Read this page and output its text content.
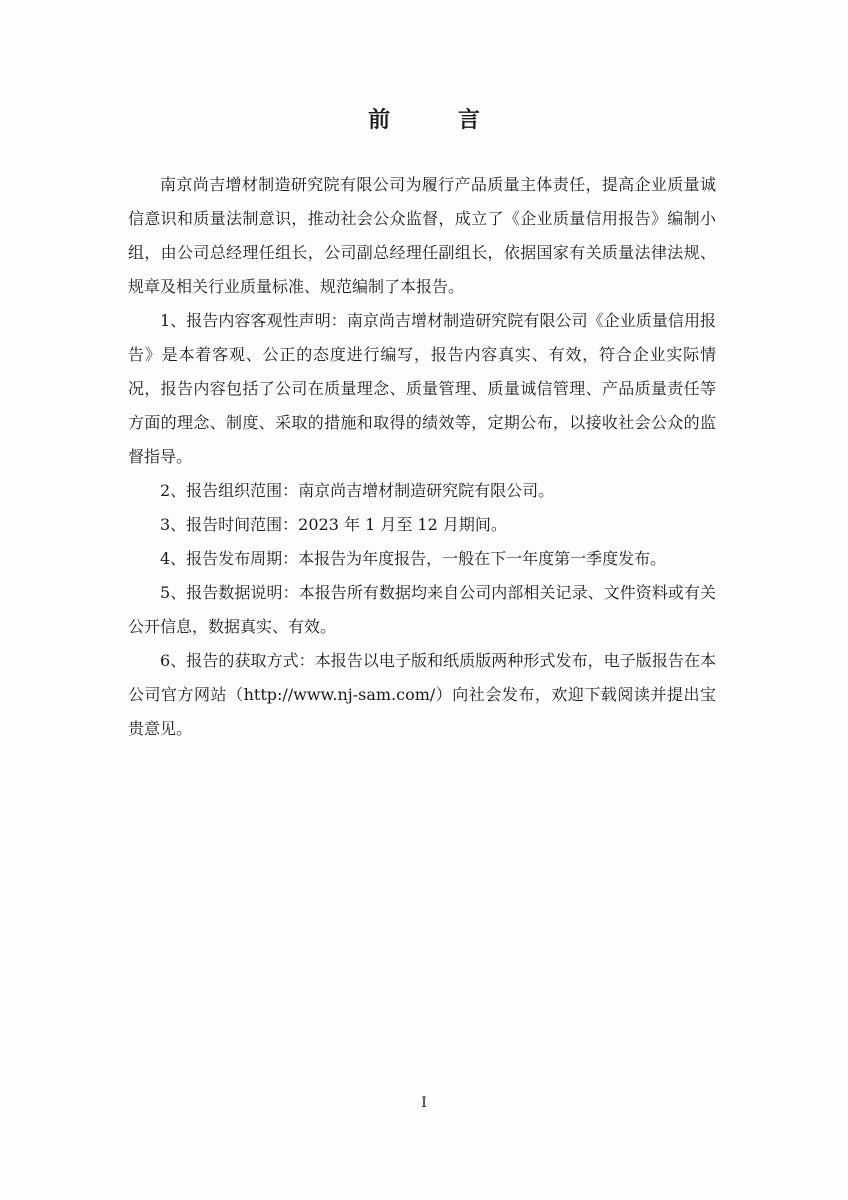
前 言

南京尚吉增材制造研究院有限公司为履行产品质量主体责任，提高企业质量诚信意识和质量法制意识，推动社会公众监督，成立了《企业质量信用报告》编制小组，由公司总经理任组长，公司副总经理任副组长，依据国家有关质量法律法规、规章及相关行业质量标准、规范编制了本报告。

1、报告内容客观性声明：南京尚吉增材制造研究院有限公司《企业质量信用报告》是本着客观、公正的态度进行编写，报告内容真实、有效，符合企业实际情况，报告内容包括了公司在质量理念、质量管理、质量诚信管理、产品质量责任等方面的理念、制度、采取的措施和取得的绩效等，定期公布，以接收社会公众的监督指导。

2、报告组织范围：南京尚吉增材制造研究院有限公司。

3、报告时间范围：2023 年 1 月至 12 月期间。

4、报告发布周期：本报告为年度报告，一般在下一年度第一季度发布。

5、报告数据说明：本报告所有数据均来自公司内部相关记录、文件资料或有关公开信息，数据真实、有效。

6、报告的获取方式：本报告以电子版和纸质版两种形式发布，电子版报告在本公司官方网站（http://www.nj-sam.com/）向社会发布，欢迎下载阅读并提出宝贵意见。

I
